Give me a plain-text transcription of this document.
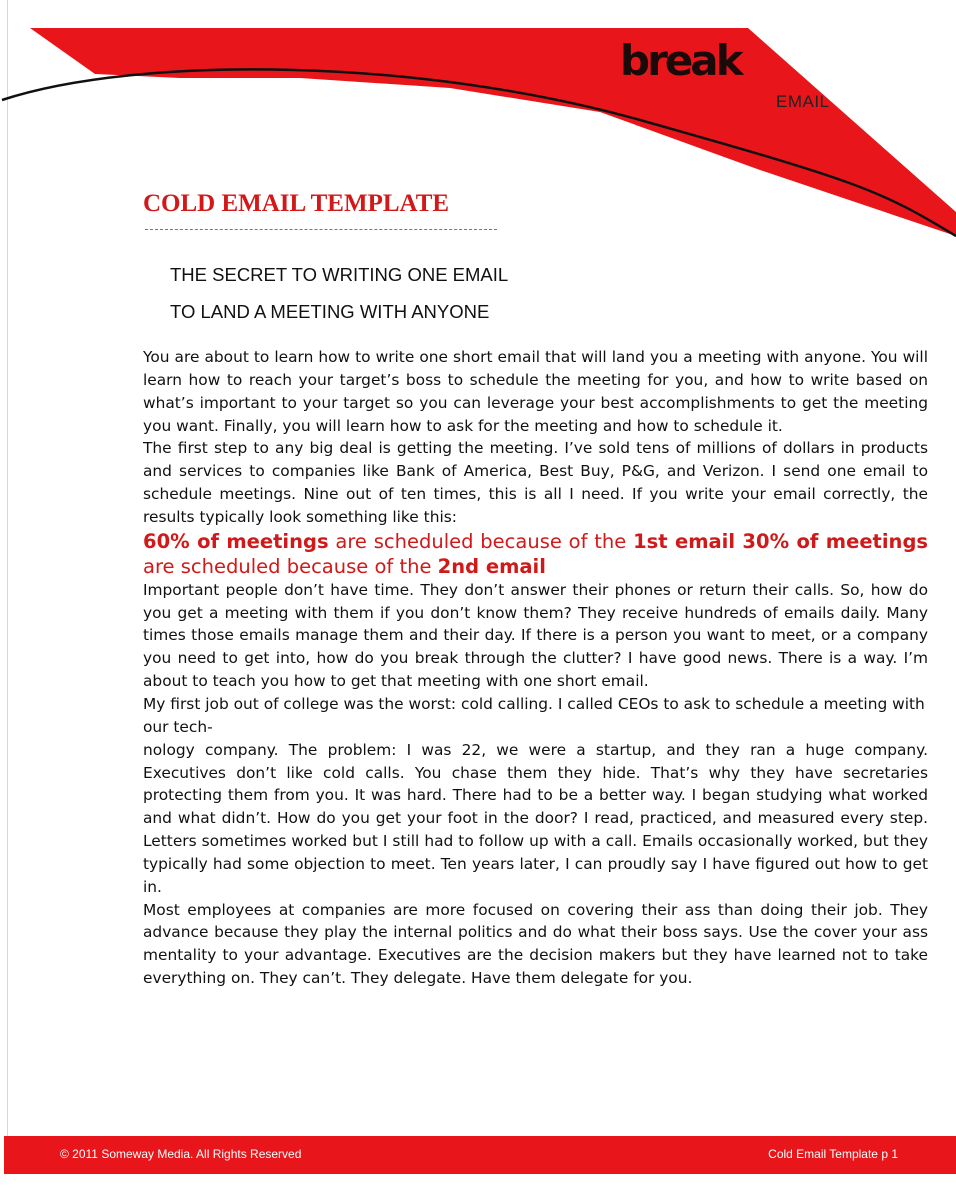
break
EMAIL
COLD EMAIL TEMPLATE
THE SECRET TO WRITING ONE EMAIL
TO LAND A MEETING WITH ANYONE

You are about to learn how to write one short email that will land you a meeting with anyone. You will learn how to reach your target’s boss to schedule the meeting for you, and how to write based on what’s important to your target so you can leverage your best accomplishments to get the meeting you want. Finally, you will learn how to ask for the meeting and how to schedule it.

The first step to any big deal is getting the meeting. I’ve sold tens of millions of dollars in products and services to companies like Bank of America, Best Buy, P&G, and Verizon. I send one email to schedule meetings. Nine out of ten times, this is all I need. If you write your email correctly, the results typically look something like this:

60% of meetings are scheduled because of the 1st email 30% of meetings are scheduled because of the 2nd email

Important people don’t have time. They don’t answer their phones or return their calls. So, how do you get a meeting with them if you don’t know them? They receive hundreds of emails daily. Many times those emails manage them and their day. If there is a person you want to meet, or a company you need to get into, how do you break through the clutter? I have good news. There is a way. I’m about to teach you how to get that meeting with one short email.

My first job out of college was the worst: cold calling. I called CEOs to ask to schedule a meeting with our tech-

nology company. The problem: I was 22, we were a startup, and they ran a huge company. Executives don’t like cold calls. You chase them they hide. That’s why they have secretaries protecting them from you. It was hard. There had to be a better way. I began studying what worked and what didn’t. How do you get your foot in the door? I read, practiced, and measured every step. Letters sometimes worked but I still had to follow up with a call. Emails occasionally worked, but they typically had some objection to meet. Ten years later, I can proudly say I have figured out how to get in.

Most employees at companies are more focused on covering their ass than doing their job. They advance because they play the internal politics and do what their boss says. Use the cover your ass mentality to your advantage. Executives are the decision makers but they have learned not to take everything on. They can’t. They delegate. Have them delegate for you.

© 2011 Someway Media. All Rights Reserved	Cold Email Template p 1
